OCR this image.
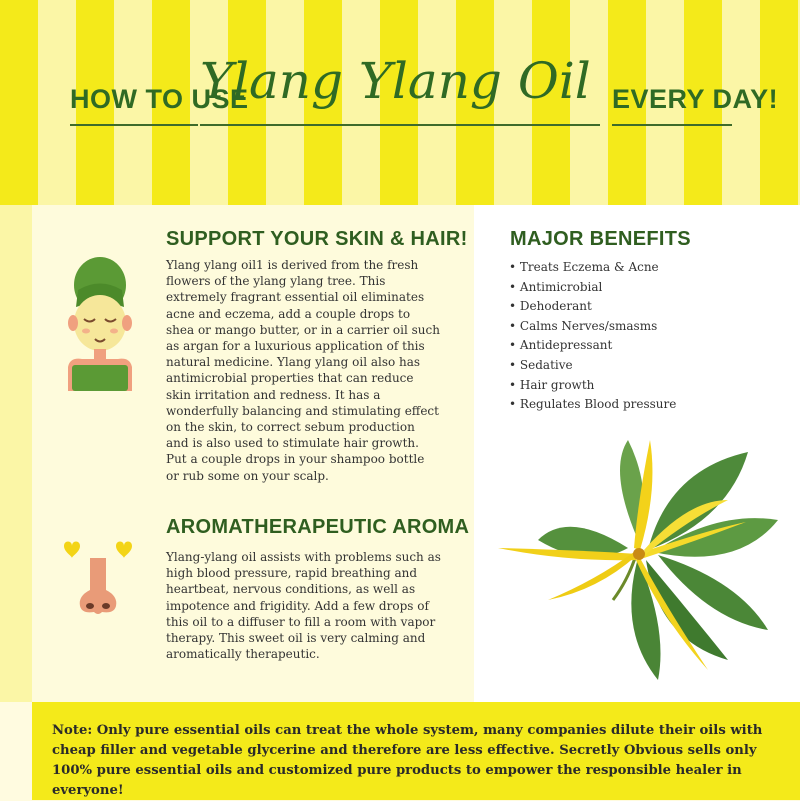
HOW TO USE
Ylang Ylang Oil EVERY DAY!
SUPPORT YOUR SKIN & HAIR!
Ylang ylang oil1 is derived from the fresh flowers of the ylang ylang tree. This extremely fragrant essential oil eliminates acne and eczema, add a couple drops to shea or mango butter, or in a carrier oil such as argan for a luxurious application of this natural medicine. Ylang ylang oil also has antimicrobial properties that can reduce skin irritation and redness. It has a wonderfully balancing and stimulating effect on the skin, to correct sebum production and is also used to stimulate hair growth. Put a couple drops in your shampoo bottle or rub some on your scalp.
AROMATHERAPEUTIC AROMA
Ylang-ylang oil assists with problems such as high blood pressure, rapid breathing and heartbeat, nervous conditions, as well as impotence and frigidity. Add a few drops of this oil to a diffuser to fill a room with vapor therapy. This sweet oil is very calming and aromatically therapeutic.
MAJOR BENEFITS
• Treats Eczema & Acne
• Antimicrobial
• Dehoderant
• Calms Nerves/smasms
• Antidepressant
• Sedative
• Hair growth
• Regulates Blood pressure
Note: Only pure essential oils can treat the whole system, many companies dilute their oils with cheap filler and vegetable glycerine and therefore are less effective. Secretly Obvious sells only 100% pure essential oils and customized pure products to empower the responsible healer in everyone!
